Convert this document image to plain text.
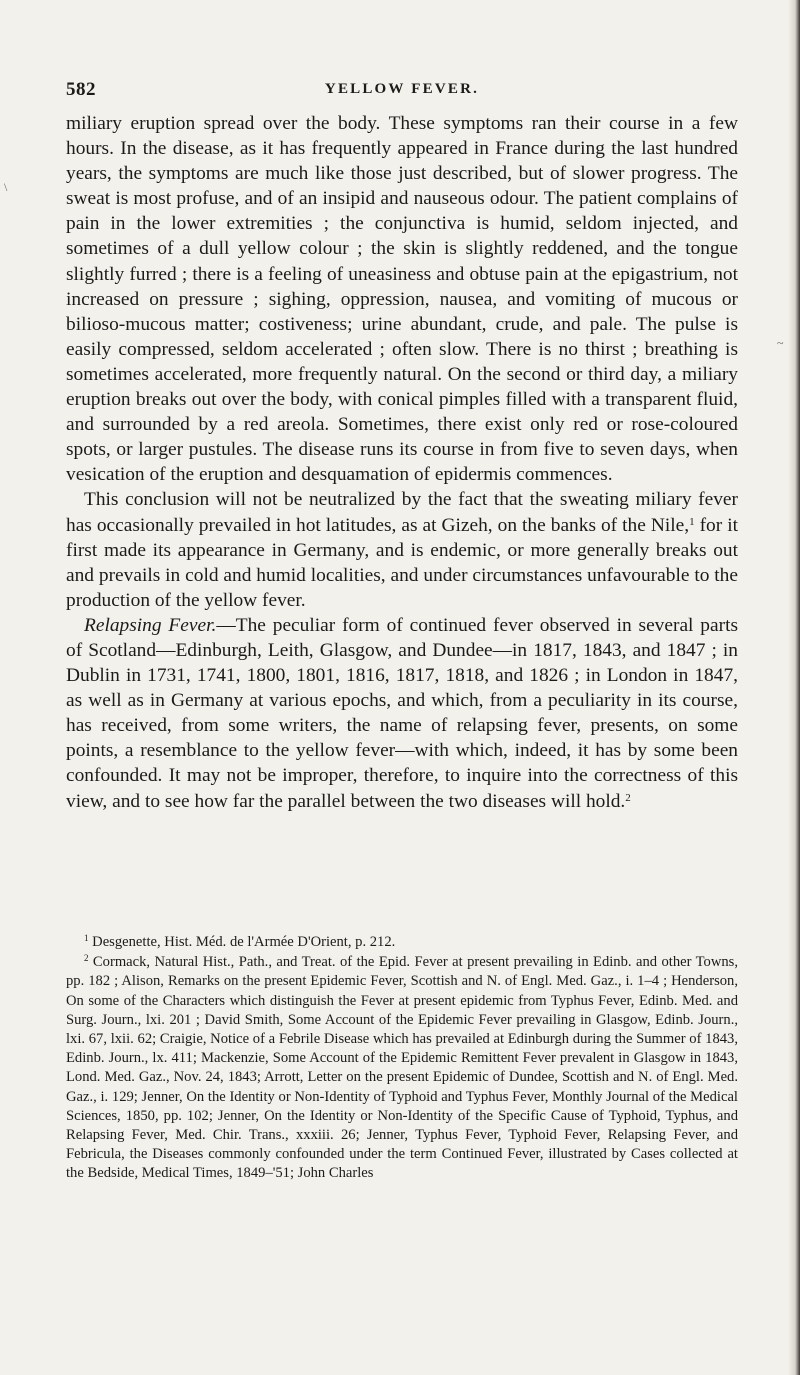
582	YELLOW FEVER.

miliary eruption spread over the body. These symptoms ran their course in a few hours. In the disease, as it has frequently appeared in France during the last hundred years, the symptoms are much like those just described, but of slower progress. The sweat is most profuse, and of an insipid and nauseous odour. The patient complains of pain in the lower extremities ; the conjunctiva is humid, seldom injected, and sometimes of a dull yellow colour ; the skin is slightly reddened, and the tongue slightly furred ; there is a feeling of uneasiness and obtuse pain at the epigastrium, not increased on pressure ; sighing, oppression, nausea, and vomiting of mucous or bilioso-mucous matter; costiveness; urine abundant, crude, and pale. The pulse is easily compressed, seldom accelerated ; often slow. There is no thirst ; breathing is sometimes accelerated, more frequently natural. On the second or third day, a miliary eruption breaks out over the body, with conical pimples filled with a transparent fluid, and surrounded by a red areola. Sometimes, there exist only red or rose-coloured spots, or larger pustules. The disease runs its course in from five to seven days, when vesication of the eruption and desquamation of epidermis commences.

This conclusion will not be neutralized by the fact that the sweating miliary fever has occasionally prevailed in hot latitudes, as at Gizeh, on the banks of the Nile,$^1$ for it first made its appearance in Germany, and is endemic, or more generally breaks out and prevails in cold and humid localities, and under circumstances unfavourable to the production of the yellow fever.

Relapsing Fever.—The peculiar form of continued fever observed in several parts of Scotland—Edinburgh, Leith, Glasgow, and Dundee—in 1817, 1843, and 1847 ; in Dublin in 1731, 1741, 1800, 1801, 1816, 1817, 1818, and 1826 ; in London in 1847, as well as in Germany at various epochs, and which, from a peculiarity in its course, has received, from some writers, the name of relapsing fever, presents, on some points, a resemblance to the yellow fever—with which, indeed, it has by some been confounded. It may not be improper, therefore, to inquire into the correctness of this view, and to see how far the parallel between the two diseases will hold.$^2$

$^1$ Desgenette, Hist. Méd. de l'Armée D'Orient, p. 212.

$^2$ Cormack, Natural Hist., Path., and Treat. of the Epid. Fever at present prevailing in Edinb. and other Towns, pp. 182 ; Alison, Remarks on the present Epidemic Fever, Scottish and N. of Engl. Med. Gaz., i. 1–4 ; Henderson, On some of the Characters which distinguish the Fever at present epidemic from Typhus Fever, Edinb. Med. and Surg. Journ., lxi. 201 ; David Smith, Some Account of the Epidemic Fever prevailing in Glasgow, Edinb. Journ., lxi. 67, lxii. 62; Craigie, Notice of a Febrile Disease which has prevailed at Edinburgh during the Summer of 1843, Edinb. Journ., lx. 411; Mackenzie, Some Account of the Epidemic Remittent Fever prevalent in Glasgow in 1843, Lond. Med. Gaz., Nov. 24, 1843; Arrott, Letter on the present Epidemic of Dundee, Scottish and N. of Engl. Med. Gaz., i. 129; Jenner, On the Identity or Non-Identity of Typhoid and Typhus Fever, Monthly Journal of the Medical Sciences, 1850, pp. 102; Jenner, On the Identity or Non-Identity of the Specific Cause of Typhoid, Typhus, and Relapsing Fever, Med. Chir. Trans., xxxiii. 26; Jenner, Typhus Fever, Typhoid Fever, Relapsing Fever, and Febricula, the Diseases commonly confounded under the term Continued Fever, illustrated by Cases collected at the Bedside, Medical Times, 1849–'51; John Charles

\
~
